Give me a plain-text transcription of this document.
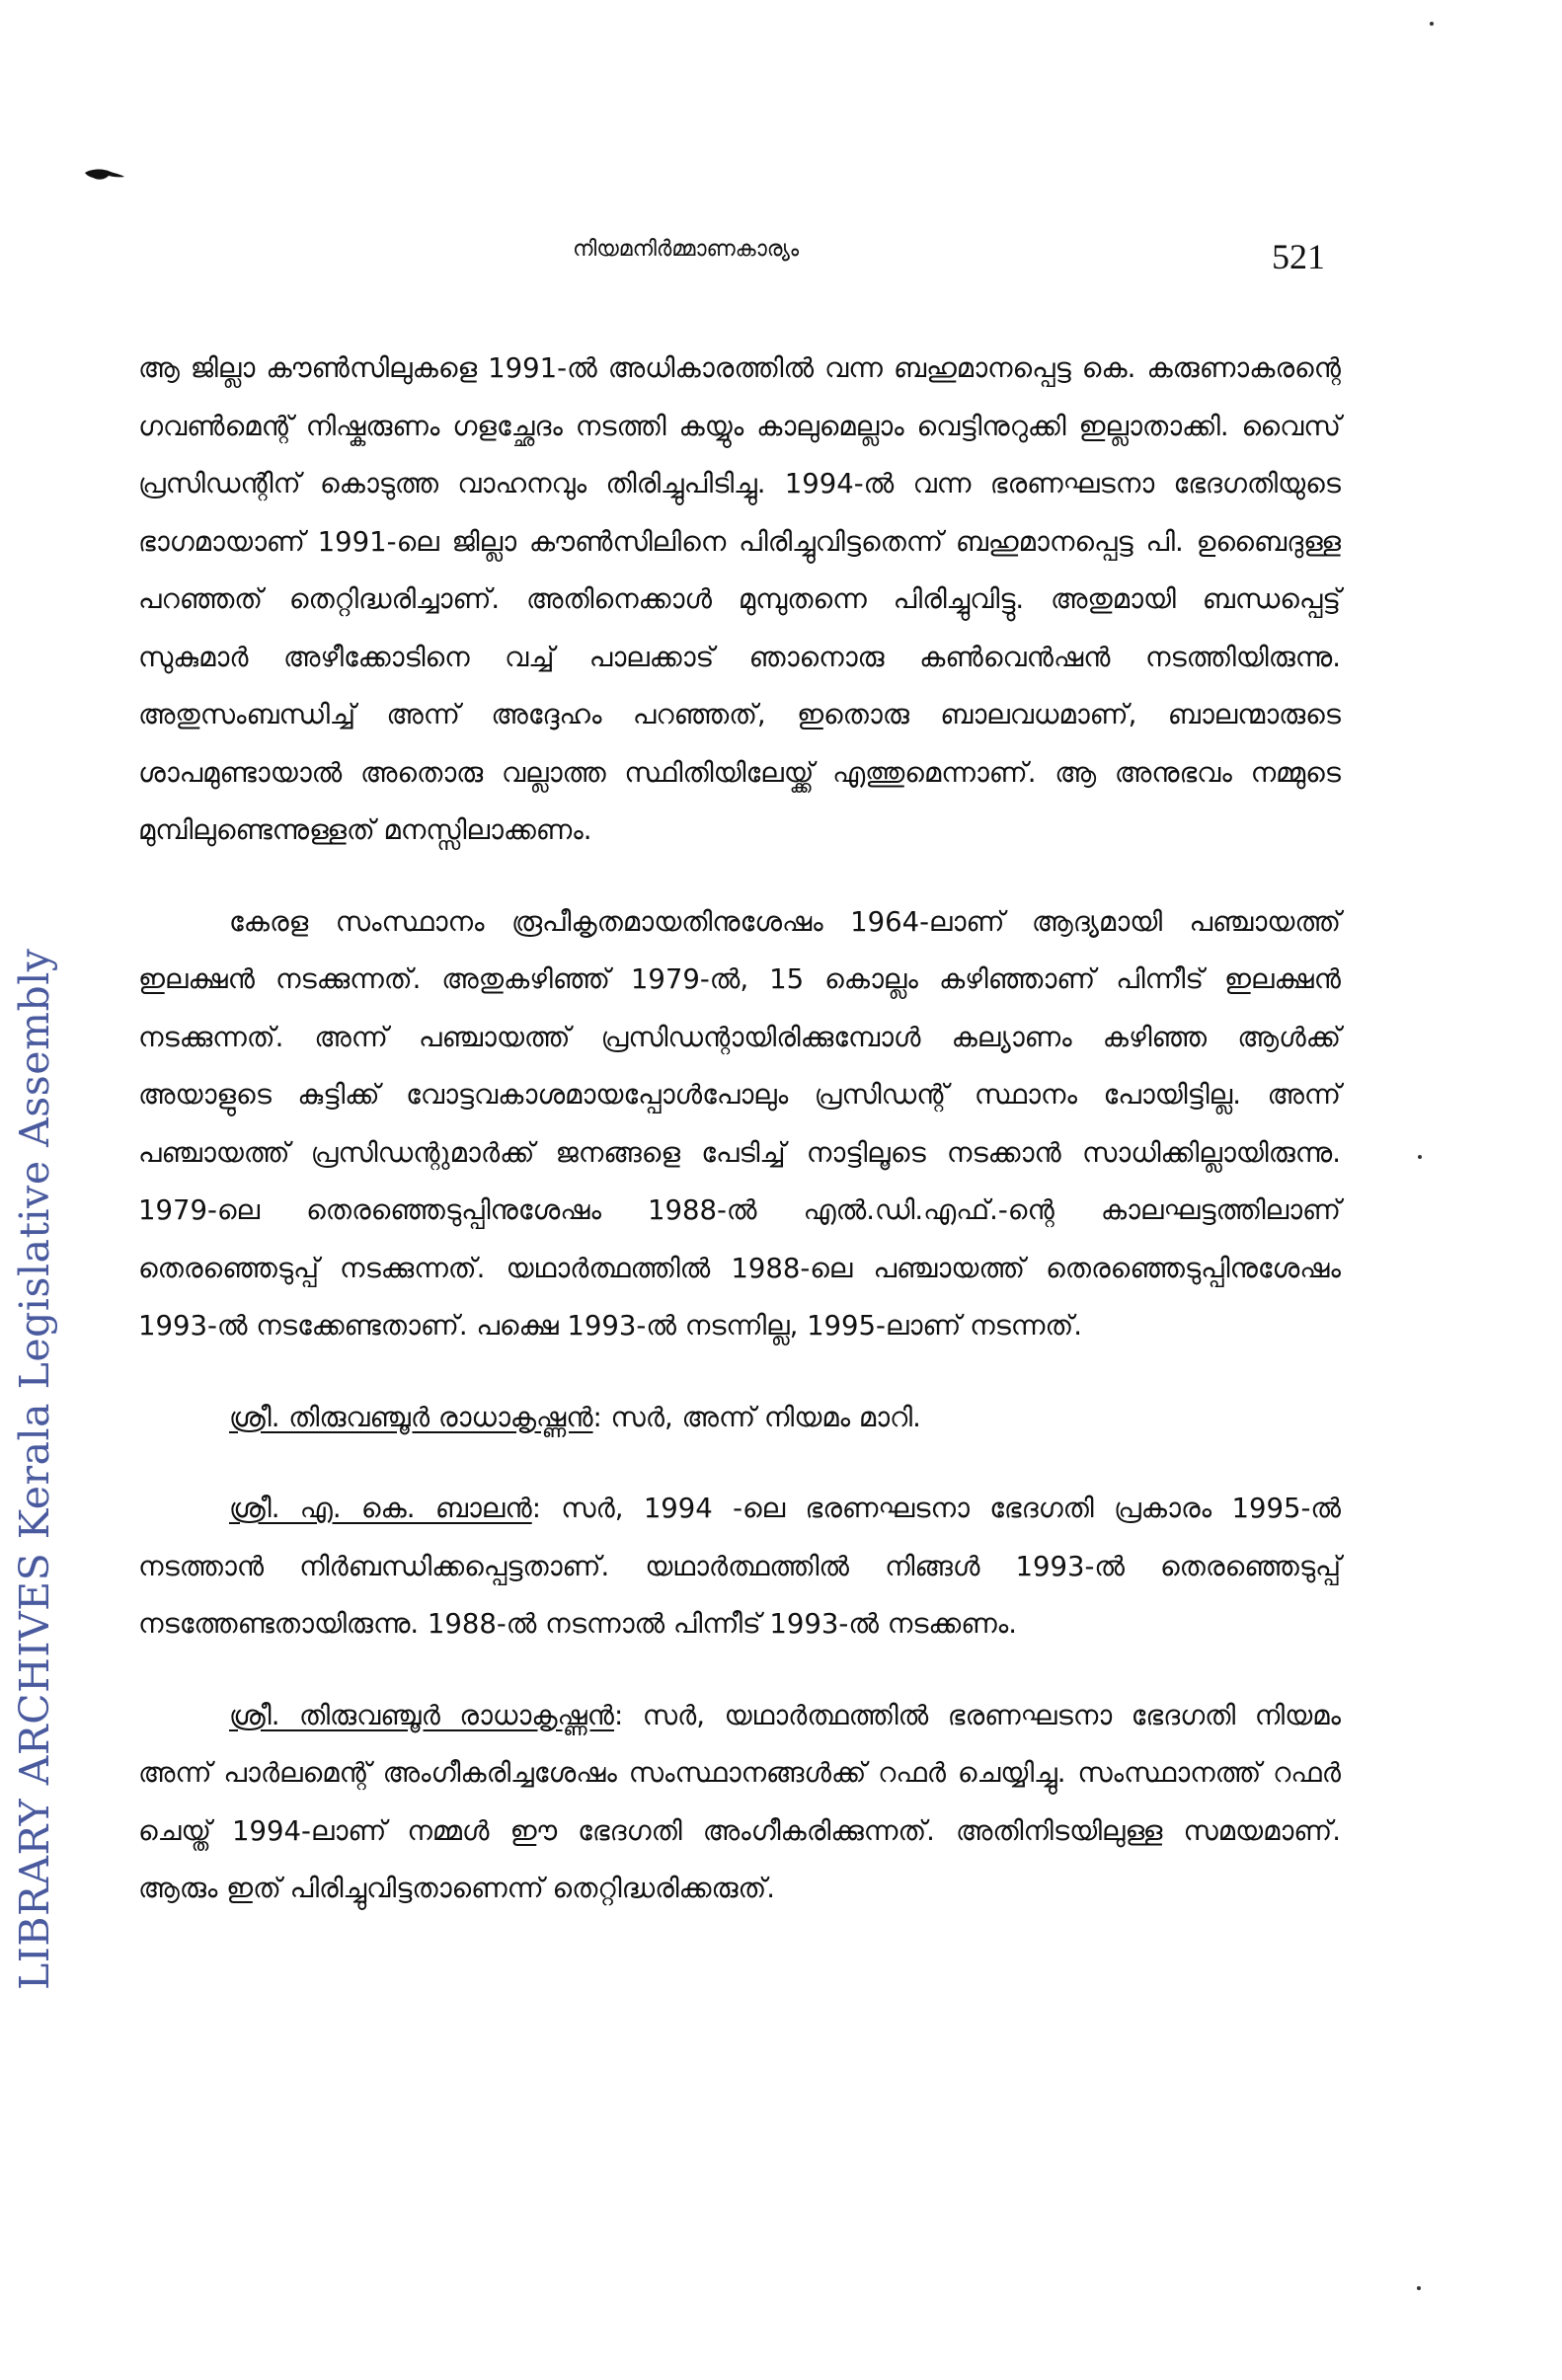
LIBRARY ARCHIVES Kerala Legislative Assembly
നിയമനിർമ്മാണകാര്യം	521

ആ ജില്ലാ കൗൺസിലുകളെ 1991-ൽ അധികാരത്തിൽ വന്ന ബഹുമാനപ്പെട്ട കെ. കരുണാകരന്റെ ഗവൺമെന്റ് നിഷ്കരുണം ഗളച്ഛേദം നടത്തി കയ്യും കാലുമെല്ലാം വെട്ടിനുറുക്കി ഇല്ലാതാക്കി. വൈസ് പ്രസിഡന്റിന് കൊടുത്ത വാഹനവും തിരിച്ചുപിടിച്ചു. 1994-ൽ വന്ന ഭരണഘടനാ ഭേദഗതിയുടെ ഭാഗമായാണ് 1991-ലെ ജില്ലാ കൗൺസിലിനെ പിരിച്ചുവിട്ടതെന്ന് ബഹുമാനപ്പെട്ട പി. ഉബൈദുള്ള പറഞ്ഞത് തെറ്റിദ്ധരിച്ചാണ്. അതിനെക്കാൾ മുമ്പുതന്നെ പിരിച്ചുവിട്ടു. അതുമായി ബന്ധപ്പെട്ട് സുകുമാർ അഴീക്കോടിനെ വച്ച് പാലക്കാട് ഞാനൊരു കൺവെൻഷൻ നടത്തിയിരുന്നു. അതുസംബന്ധിച്ച് അന്ന് അദ്ദേഹം പറഞ്ഞത്, ഇതൊരു ബാലവധമാണ്, ബാലന്മാരുടെ ശാപമുണ്ടായാൽ അതൊരു വല്ലാത്ത സ്ഥിതിയിലേയ്ക്ക് എത്തുമെന്നാണ്. ആ അനുഭവം നമ്മുടെ മുമ്പിലുണ്ടെന്നുള്ളത് മനസ്സിലാക്കണം.

കേരള സംസ്ഥാനം രൂപീകൃതമായതിനുശേഷം 1964-ലാണ് ആദ്യമായി പഞ്ചായത്ത് ഇലക്ഷൻ നടക്കുന്നത്. അതുകഴിഞ്ഞ് 1979-ൽ, 15 കൊല്ലം കഴിഞ്ഞാണ് പിന്നീട് ഇലക്ഷൻ നടക്കുന്നത്. അന്ന് പഞ്ചായത്ത് പ്രസിഡന്റായിരിക്കുമ്പോൾ കല്യാണം കഴിഞ്ഞ ആൾക്ക് അയാളുടെ കുട്ടിക്ക് വോട്ടവകാശമായപ്പോൾപോലും പ്രസിഡന്റ് സ്ഥാനം പോയിട്ടില്ല. അന്ന് പഞ്ചായത്ത് പ്രസിഡന്റുമാർക്ക് ജനങ്ങളെ പേടിച്ച് നാട്ടിലൂടെ നടക്കാൻ സാധിക്കില്ലായിരുന്നു. 1979-ലെ തെരഞ്ഞെടുപ്പിനുശേഷം 1988-ൽ എൽ.ഡി.എഫ്.-ന്റെ കാലഘട്ടത്തിലാണ് തെരഞ്ഞെടുപ്പ് നടക്കുന്നത്. യഥാർത്ഥത്തിൽ 1988-ലെ പഞ്ചായത്ത് തെരഞ്ഞെടുപ്പിനുശേഷം 1993-ൽ നടക്കേണ്ടതാണ്. പക്ഷെ 1993-ൽ നടന്നില്ല, 1995-ലാണ് നടന്നത്.

ശ്രീ. തിരുവഞ്ചൂർ രാധാകൃഷ്ണൻ: സർ, അന്ന് നിയമം മാറി.

ശ്രീ. എ. കെ. ബാലൻ: സർ, 1994 -ലെ ഭരണഘടനാ ഭേദഗതി പ്രകാരം 1995-ൽ നടത്താൻ നിർബന്ധിക്കപ്പെട്ടതാണ്. യഥാർത്ഥത്തിൽ നിങ്ങൾ 1993-ൽ തെരഞ്ഞെടുപ്പ് നടത്തേണ്ടതായിരുന്നു. 1988-ൽ നടന്നാൽ പിന്നീട് 1993-ൽ നടക്കണം.

ശ്രീ. തിരുവഞ്ചൂർ രാധാകൃഷ്ണൻ: സർ, യഥാർത്ഥത്തിൽ ഭരണഘടനാ ഭേദഗതി നിയമം അന്ന് പാർലമെന്റ് അംഗീകരിച്ചശേഷം സംസ്ഥാനങ്ങൾക്ക് റഫർ ചെയ്യിച്ചു. സംസ്ഥാനത്ത് റഫർ ചെയ്ത് 1994-ലാണ് നമ്മൾ ഈ ഭേദഗതി അംഗീകരിക്കുന്നത്. അതിനിടയിലുള്ള സമയമാണ്. ആരും ഇത് പിരിച്ചുവിട്ടതാണെന്ന് തെറ്റിദ്ധരിക്കരുത്.
